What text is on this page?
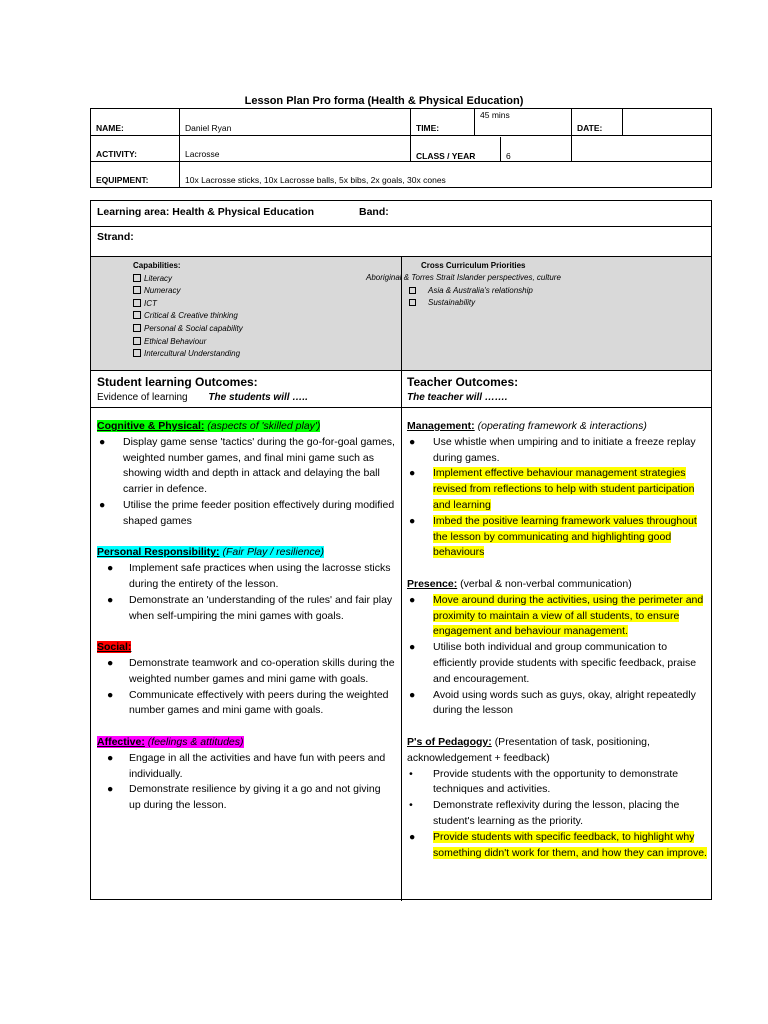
Lesson Plan Pro forma (Health & Physical Education)
NAME:	Daniel Ryan	TIME:	45 mins	DATE:	
ACTIVITY:	Lacrosse	CLASS / YEAR 6			

EQUIPMENT:	10x Lacrosse sticks, 10x Lacrosse balls, 5x bibs, 2x goals, 30x cones				
Learning area: Health & Physical Education	Band:
Strand:
Capabilities:
Literacy
Numeracy
ICT
Critical & Creative thinking
Personal & Social capability
Ethical Behaviour
Intercultural Understanding
Cross Curriculum Priorities
Aboriginal & Torres Strait Islander perspectives, culture
Asia & Australia's relationship
Sustainability
Student learning Outcomes:
Evidence of learning The students will …..
Teacher Outcomes:
The teacher will …….
Cognitive & Physical: (aspects of 'skilled play')
● Display game sense 'tactics' during the go-for-goal games, weighted number games, and final mini game such as showing width and depth in attack and delaying the ball carrier in defence.
● Utilise the prime feeder position effectively during modified shaped games
Personal Responsibility: (Fair Play / resilience)
● Implement safe practices when using the lacrosse sticks during the entirety of the lesson.
● Demonstrate an 'understanding of the rules' and fair play when self-umpiring the mini games with goals.
Social:
● Demonstrate teamwork and co-operation skills during the weighted number games and mini game with goals.
● Communicate effectively with peers during the weighted number games and mini game with goals.
Affective: (feelings & attitudes)
● Engage in all the activities and have fun with peers and individually.
● Demonstrate resilience by giving it a go and not giving up during the lesson.
Management: (operating framework & interactions)
● Use whistle when umpiring and to initiate a freeze replay during games.
● Implement effective behaviour management strategies revised from reflections to help with student participation and learning
● Imbed the positive learning framework values throughout the lesson by communicating and highlighting good behaviours
Presence: (verbal & non-verbal communication)
● Move around during the activities, using the perimeter and proximity to maintain a view of all students, to ensure engagement and behaviour management.
● Utilise both individual and group communication to efficiently provide students with specific feedback, praise and encouragement.
● Avoid using words such as guys, okay, alright repeatedly during the lesson
P's of Pedagogy: (Presentation of task, positioning, acknowledgement + feedback)
• Provide students with the opportunity to demonstrate techniques and activities.
• Demonstrate reflexivity during the lesson, placing the student's learning as the priority.
● Provide students with specific feedback, to highlight why something didn't work for them, and how they can improve.
